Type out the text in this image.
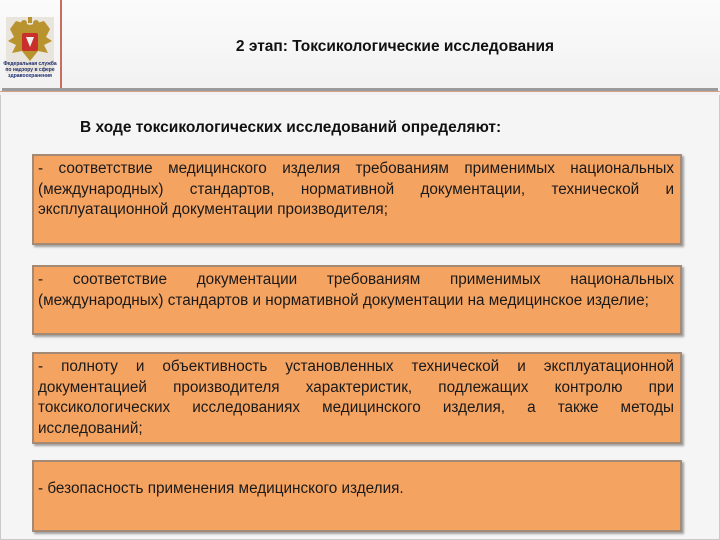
Федеральная служба по надзору в сфере здравоохранения
2 этап: Токсикологические исследования
В ходе токсикологических исследований определяют:
- соответствие медицинского изделия требованиям применимых национальных (международных) стандартов, нормативной документации, технической и эксплуатационной документации производителя;
- соответствие документации требованиям применимых национальных (международных) стандартов и нормативной документации на медицинское изделие;
- полноту и объективность установленных технической и эксплуатационной документацией производителя характеристик, подлежащих контролю при токсикологических исследованиях медицинского изделия, а также методы исследований;
- безопасность применения медицинского изделия.
